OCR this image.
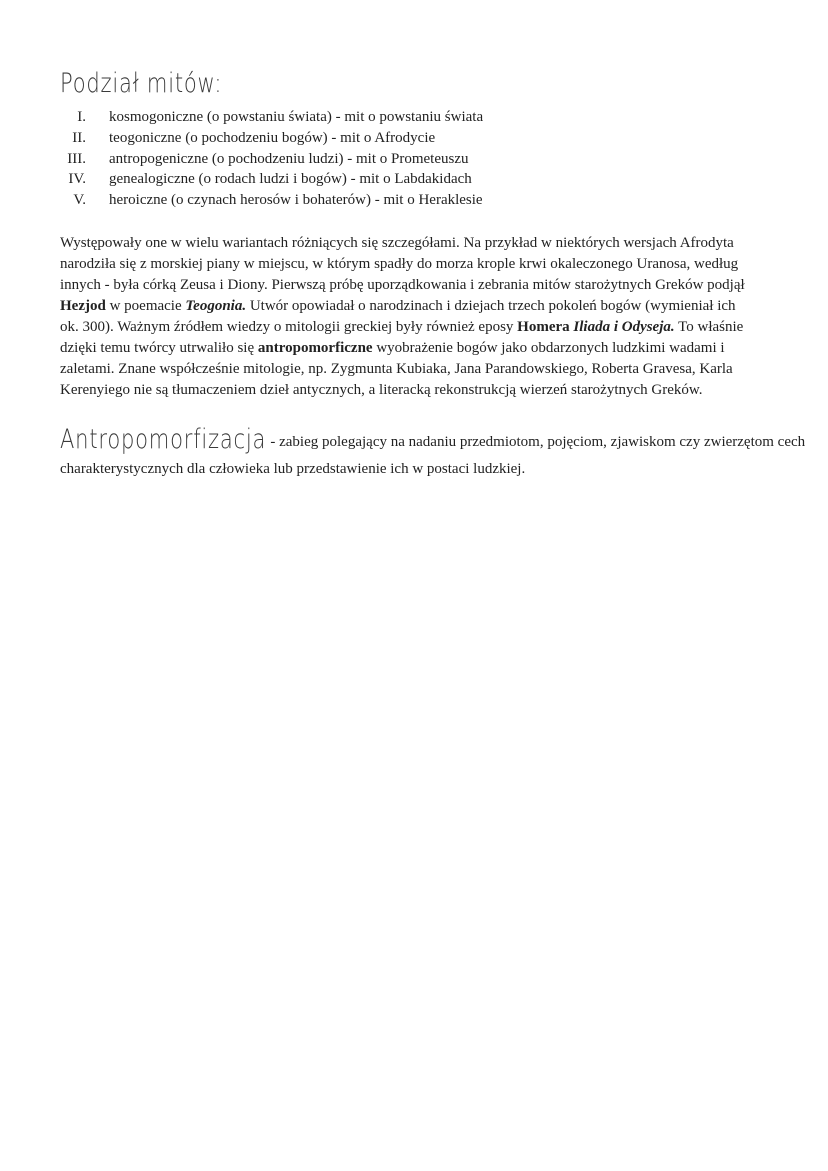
Podział mitów:
I.	kosmogoniczne (o powstaniu świata) - mit o powstaniu świata
II.	teogoniczne (o pochodzeniu bogów) - mit o Afrodycie
III.	antropogeniczne (o pochodzeniu ludzi) - mit o Prometeuszu
IV.	genealogiczne (o rodach ludzi i bogów) - mit o Labdakidach
V.	heroiczne (o czynach herosów i bohaterów) - mit o Heraklesie

Występowały one w wielu wariantach różniących się szczegółami. Na przykład w niektórych wersjach Afrodyta
narodziła się z morskiej piany w miejscu, w którym spadły do morza krople krwi okaleczonego Uranosa, według
innych - była córką Zeusa i Diony. Pierwszą próbę uporządkowania i zebrania mitów starożytnych Greków podjął
Hezjod w poemacie Teogonia. Utwór opowiadał o narodzinach i dziejach trzech pokoleń bogów (wymieniał ich
ok. 300). Ważnym źródłem wiedzy o mitologii greckiej były również eposy Homera Iliada i Odyseja. To właśnie
dzięki temu twórcy utrwaliło się antropomorficzne wyobrażenie bogów jako obdarzonych ludzkimi wadami i
zaletami. Znane współcześnie mitologie, np. Zygmunta Kubiaka, Jana Parandowskiego, Roberta Gravesa, Karla
Kerenyiego nie są tłumaczeniem dzieł antycznych, a literacką rekonstrukcją wierzeń starożytnych Greków.

Antropomorfizacja - zabieg polegający na nadaniu przedmiotom, pojęciom, zjawiskom czy zwierzętom cech
charakterystycznych dla człowieka lub przedstawienie ich w postaci ludzkiej.
